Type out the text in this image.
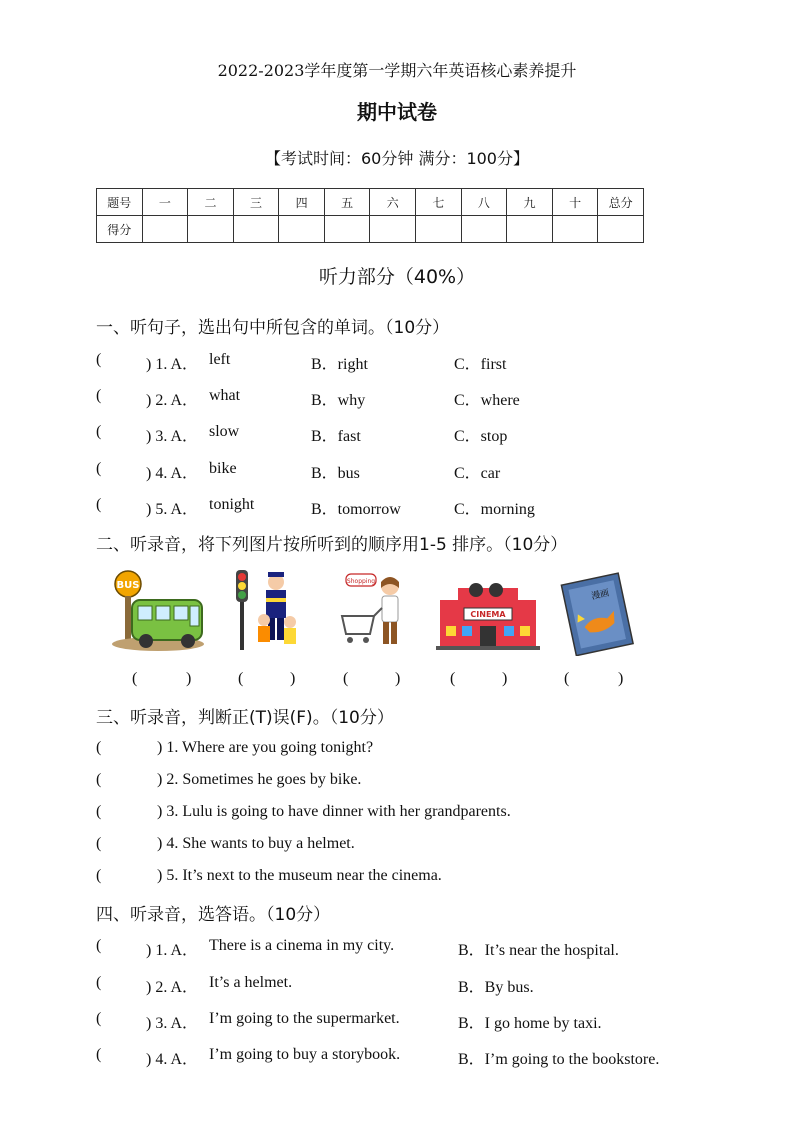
2022-2023学年度第一学期六年英语核心素养提升
期中试卷
【考试时间：60分钟 满分：100分】
题号	一	二	三	四	五	六	七	八	九	十	总分
得分											
听力部分（40%）
一、听句子，选出句中所包含的单词。（10分）
(	) 1. A． left	B．right	C．first
(	) 2. A． what	B．why	C．where
(	) 3. A． slow	B．fast	C．stop
(	) 4. A． bike	B．bus	C．car
(	) 5. A． tonight	B．tomorrow	C．morning
二、听录音，将下列图片按所听到的顺序用1-5 排序。（10分）
BUS	Shopping
CINEMA
漫画
(	)	(	)	(	)	(	)	(	)
三、听录音，判断正(T)误(F)。（10分）
(	) 1. Where are you going tonight?
(	) 2. Sometimes he goes by bike.
(	) 3. Lulu is going to have dinner with her grandparents.
(	) 4. She wants to buy a helmet.
(	) 5. It’s next to the museum near the cinema.
四、听录音，选答语。（10分）
(	) 1. A． There is a cinema in my city.	B．It’s near the hospital.
(	) 2. A． It’s a helmet.	B．By bus.
(	) 3. A． I’m going to the supermarket.	B．I go home by taxi.
(	) 4. A． I’m going to buy a storybook.	B．I’m going to the bookstore.
